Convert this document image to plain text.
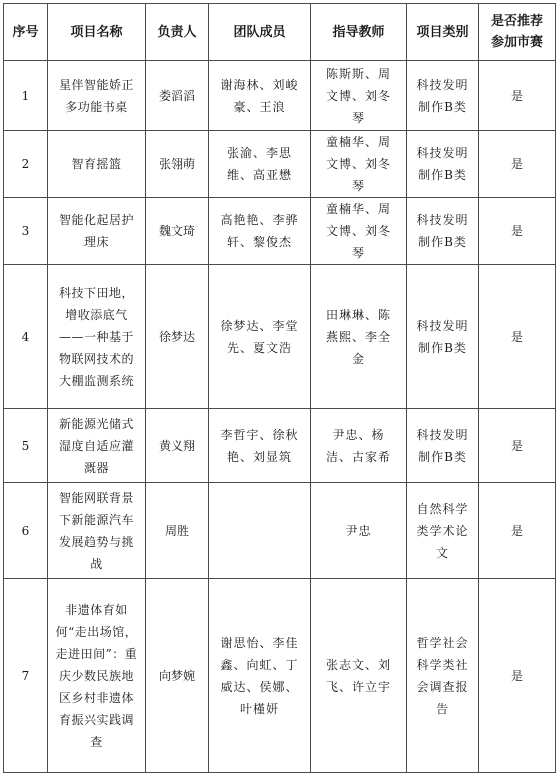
序号	项目名称	负责人	团队成员	指导教师	项目类别	是否推荐参加市赛
1	星伴智能娇正多功能书桌	娄滔滔	谢海林、刘峻豪、王浪	陈斯斯、周文博、刘冬琴	科技发明制作B类	是
2	智育摇篮	张翎萌	张渝、李思维、高亚懋	童楠华、周文博、刘冬琴	科技发明制作B类	是
3	智能化起居护理床	魏文琦	高艳艳、李骅轩、黎俊杰	童楠华、周文博、刘冬琴	科技发明制作B类	是
4	科技下田地，增收添底气——一种基于物联网技术的大棚监测系统	徐梦达	徐梦达、李堂先、夏文浩	田琳琳、陈燕熙、李全金	科技发明制作B类	是
5	新能源光储式湿度自适应灌溉器	黄义翔	李哲宇、徐秋艳、刘显筑	尹忠、杨洁、古家希	科技发明制作B类	是
6	智能网联背景下新能源汽车发展趋势与挑战	周胜		尹忠	自然科学类学术论文	是
7	非遗体育如何“走出场馆，走进田间”：重庆少数民族地区乡村非遗体育振兴实践调查	向梦婉	谢思怡、李佳鑫、向虹、丁威达、侯娜、叶槿妍	张志文、刘飞、许立宇	哲学社会科学类社会调查报告	是
